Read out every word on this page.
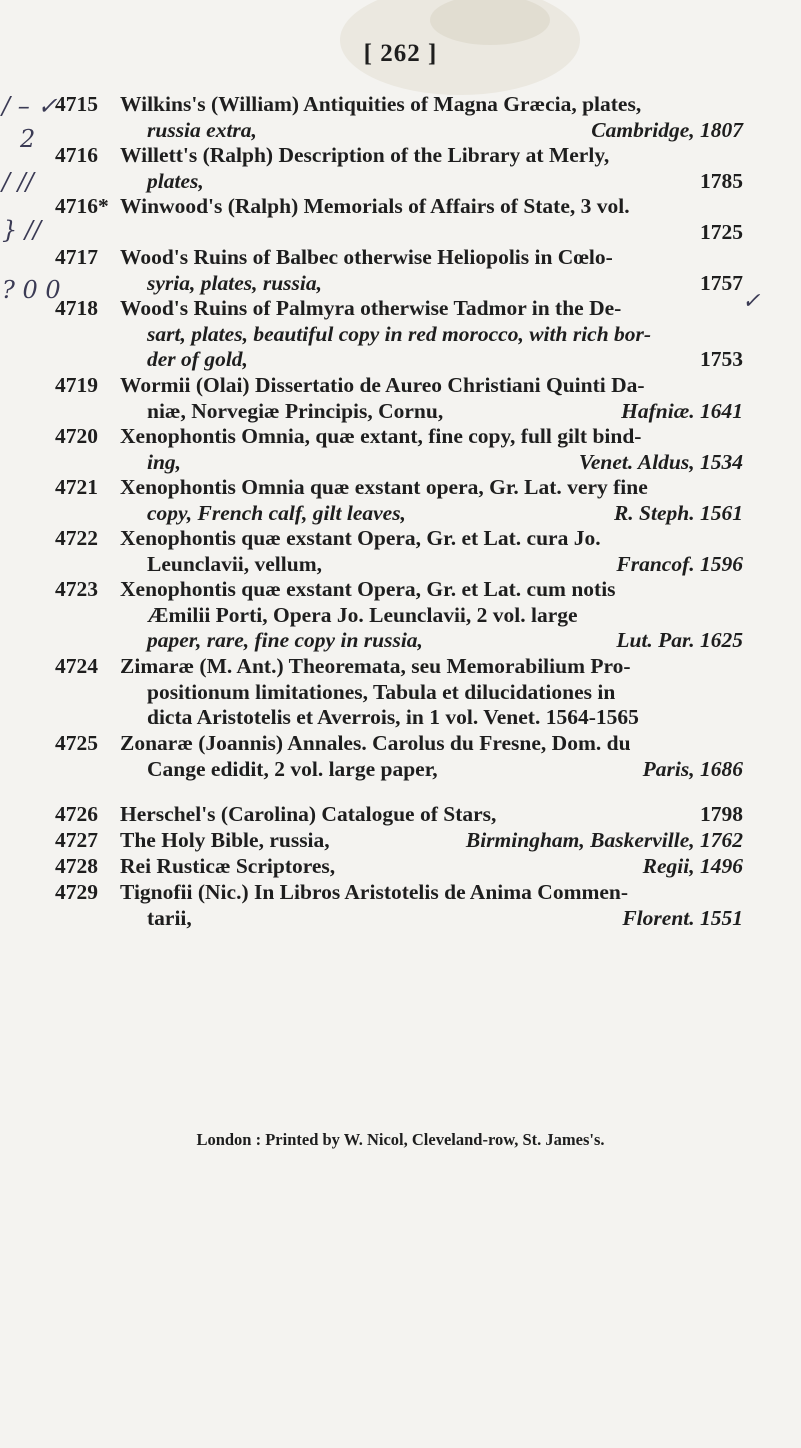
[ 262 ]
/ – ✓
2
/ //
} //
? 0 0	✓
4715	Wilkins's (William) Antiquities of Magna Græcia, plates,
russia extra,	Cambridge, 1807
4716	Willett's (Ralph) Description of the Library at Merly,
plates,	1785
4716* Winwood's (Ralph) Memorials of Affairs of State, 3 vol.
1725

4717	Wood's Ruins of Balbec otherwise Heliopolis in Cœlo-
syria, plates, russia,	1757
4718	Wood's Ruins of Palmyra otherwise Tadmor in the De-
sart, plates, beautiful copy in red morocco, with rich bor-
der of gold,	1753
4719	Wormii (Olai) Dissertatio de Aureo Christiani Quinti Da-
niæ, Norvegiæ Principis, Cornu,	Hafniæ. 1641
4720	Xenophontis Omnia, quæ extant, fine copy, full gilt bind-
ing,	Venet. Aldus, 1534
4721	Xenophontis Omnia quæ exstant opera, Gr. Lat. very fine
copy, French calf, gilt leaves,	R. Steph. 1561
4722	Xenophontis quæ exstant Opera, Gr. et Lat. cura Jo.
Leunclavii, vellum,	Francof. 1596
4723	Xenophontis quæ exstant Opera, Gr. et Lat. cum notis
Æmilii Porti, Opera Jo. Leunclavii, 2 vol. large
paper, rare, fine copy in russia,	Lut. Par. 1625
4724	Zimaræ (M. Ant.) Theoremata, seu Memorabilium Pro-
positionum limitationes, Tabula et dilucidationes in
dicta Aristotelis et Averrois, in 1 vol. Venet. 1564-1565
4725	Zonaræ (Joannis) Annales. Carolus du Fresne, Dom. du
Cange edidit, 2 vol. large paper,	Paris, 1686
4726	Herschel's (Carolina) Catalogue of Stars,	1798
4727	The Holy Bible, russia,	Birmingham, Baskerville, 1762
4728	Rei Rusticæ Scriptores,	Regii, 1496
4729	Tignofii (Nic.) In Libros Aristotelis de Anima Commen-
tarii,	Florent. 1551
London : Printed by W. Nicol, Cleveland-row, St. James's.
